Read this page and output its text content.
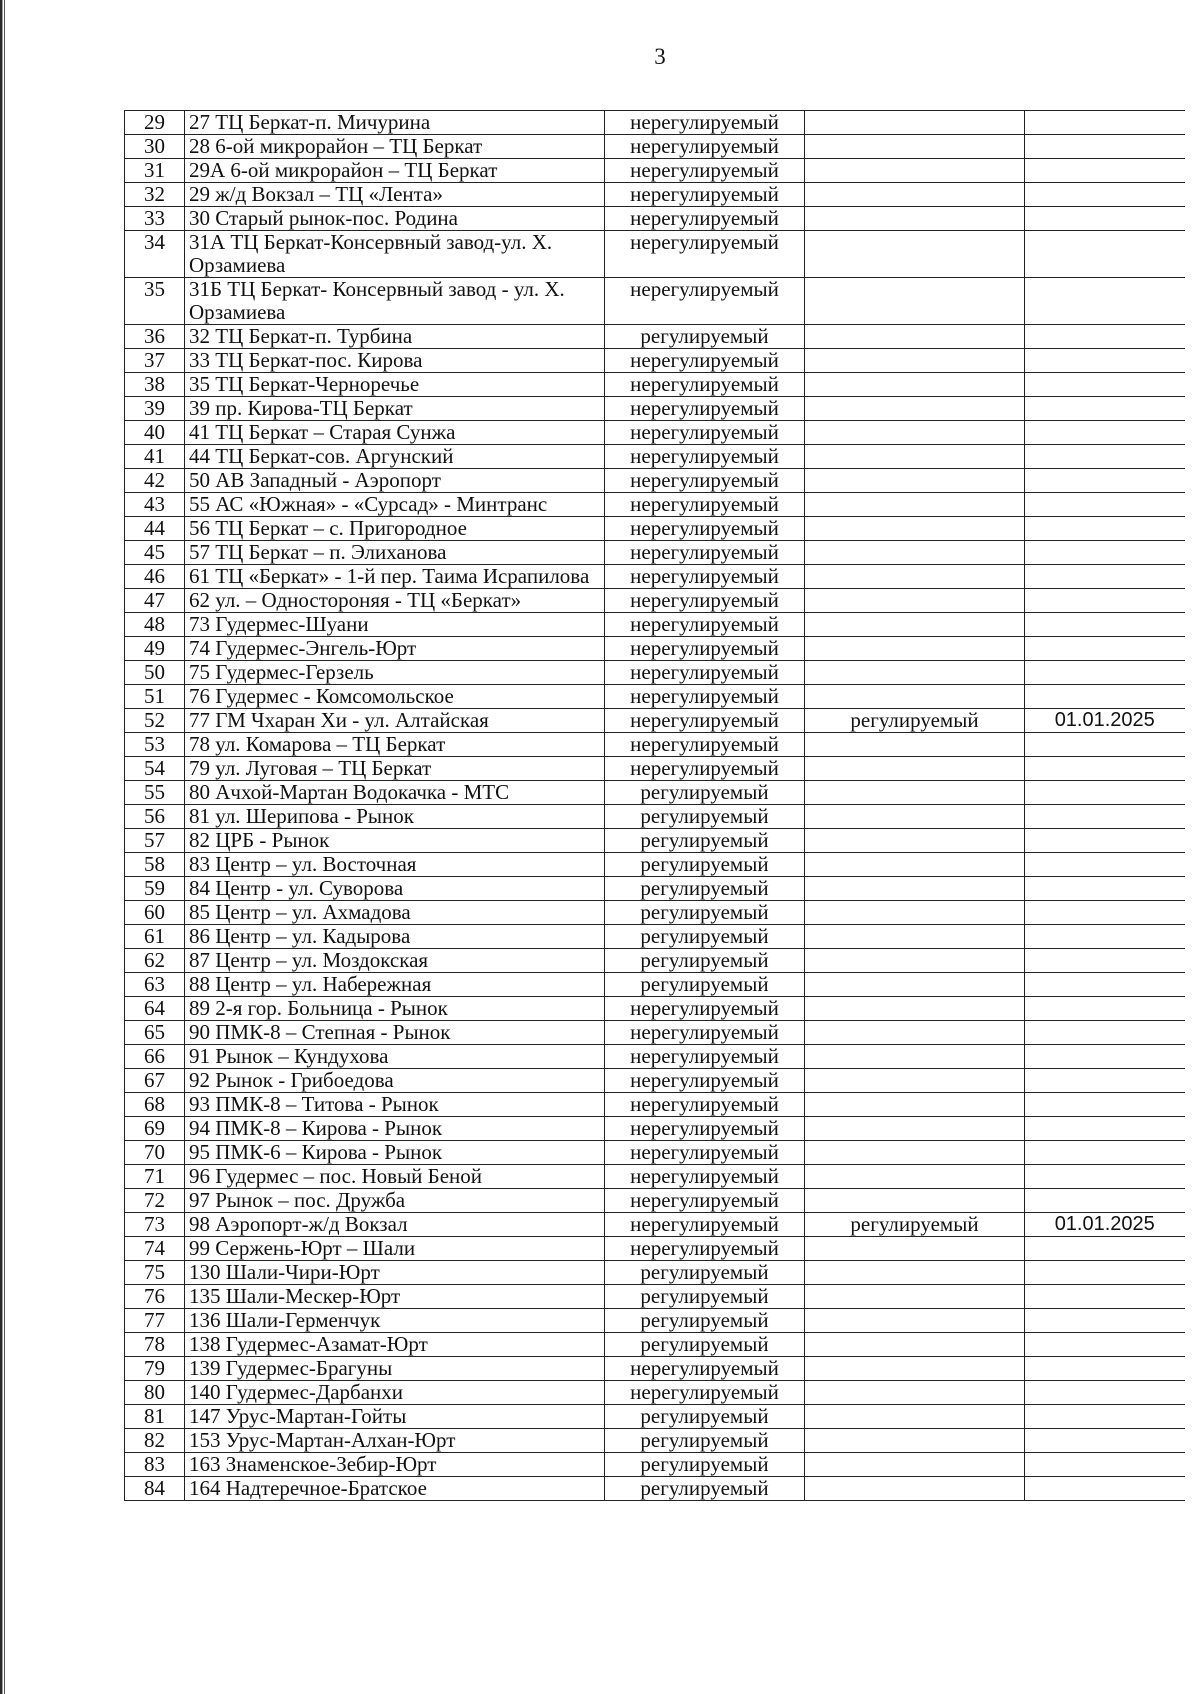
3
29	27 ТЦ Беркат-п. Мичурина	нерегулируемый		
30	28 6-ой микрорайон – ТЦ Беркат	нерегулируемый		
31	29А 6-ой микрорайон – ТЦ Беркат	нерегулируемый		
32	29 ж/д Вокзал – ТЦ «Лента»	нерегулируемый		
33	30 Старый рынок-пос. Родина	нерегулируемый		
34	31А ТЦ Беркат-Консервный завод-ул. Х. Орзамиева	нерегулируемый		
35	31Б ТЦ Беркат- Консервный завод - ул. Х. Орзамиева	нерегулируемый		
36	32 ТЦ Беркат-п. Турбина	регулируемый		
37	33 ТЦ Беркат-пос. Кирова	нерегулируемый		
38	35 ТЦ Беркат-Черноречье	нерегулируемый		
39	39 пр. Кирова-ТЦ Беркат	нерегулируемый		
40	41 ТЦ Беркат – Старая Сунжа	нерегулируемый		
41	44 ТЦ Беркат-сов. Аргунский	нерегулируемый		
42	50 АВ Западный - Аэропорт	нерегулируемый		
43	55 АС «Южная» - «Сурсад» - Минтранс	нерегулируемый		
44	56 ТЦ Беркат – с. Пригородное	нерегулируемый		
45	57 ТЦ Беркат – п. Элиханова	нерегулируемый		
46	61 ТЦ «Беркат» - 1-й пер. Таима Исрапилова	нерегулируемый		
47	62 ул. – Одностороняя - ТЦ «Беркат»	нерегулируемый		
48	73 Гудермес-Шуани	нерегулируемый		
49	74 Гудермес-Энгель-Юрт	нерегулируемый		
50	75 Гудермес-Герзель	нерегулируемый		
51	76 Гудермес - Комсомольское	нерегулируемый		
52	77 ГМ Чхаран Хи - ул. Алтайская	нерегулируемый	регулируемый	01.01.2025
53	78 ул. Комарова – ТЦ Беркат	нерегулируемый		
54	79 ул. Луговая – ТЦ Беркат	нерегулируемый		
55	80 Ачхой-Мартан Водокачка - МТС	регулируемый		
56	81 ул. Шерипова - Рынок	регулируемый		
57	82 ЦРБ - Рынок	регулируемый		
58	83 Центр – ул. Восточная	регулируемый		
59	84 Центр - ул. Суворова	регулируемый		
60	85 Центр – ул. Ахмадова	регулируемый		
61	86 Центр – ул. Кадырова	регулируемый		
62	87 Центр – ул. Моздокская	регулируемый		
63	88 Центр – ул. Набережная	регулируемый		
64	89 2-я гор. Больница - Рынок	нерегулируемый		
65	90 ПМК-8 – Степная - Рынок	нерегулируемый		
66	91 Рынок – Кундухова	нерегулируемый		
67	92 Рынок - Грибоедова	нерегулируемый		
68	93 ПМК-8 – Титова - Рынок	нерегулируемый		
69	94 ПМК-8 – Кирова - Рынок	нерегулируемый		
70	95 ПМК-6 – Кирова - Рынок	нерегулируемый		
71	96 Гудермес – пос. Новый Беной	нерегулируемый		
72	97 Рынок – пос. Дружба	нерегулируемый		
73	98 Аэропорт-ж/д Вокзал	нерегулируемый	регулируемый	01.01.2025
74	99 Сержень-Юрт – Шали	нерегулируемый		
75	130 Шали-Чири-Юрт	регулируемый		
76	135 Шали-Мескер-Юрт	регулируемый		
77	136 Шали-Герменчук	регулируемый		
78	138 Гудермес-Азамат-Юрт	регулируемый		
79	139 Гудермес-Брагуны	нерегулируемый		
80	140 Гудермес-Дарбанхи	нерегулируемый		
81	147 Урус-Мартан-Гойты	регулируемый		
82	153 Урус-Мартан-Алхан-Юрт	регулируемый		
83	163 Знаменское-Зебир-Юрт	регулируемый		
84	164 Надтеречное-Братское	регулируемый		
